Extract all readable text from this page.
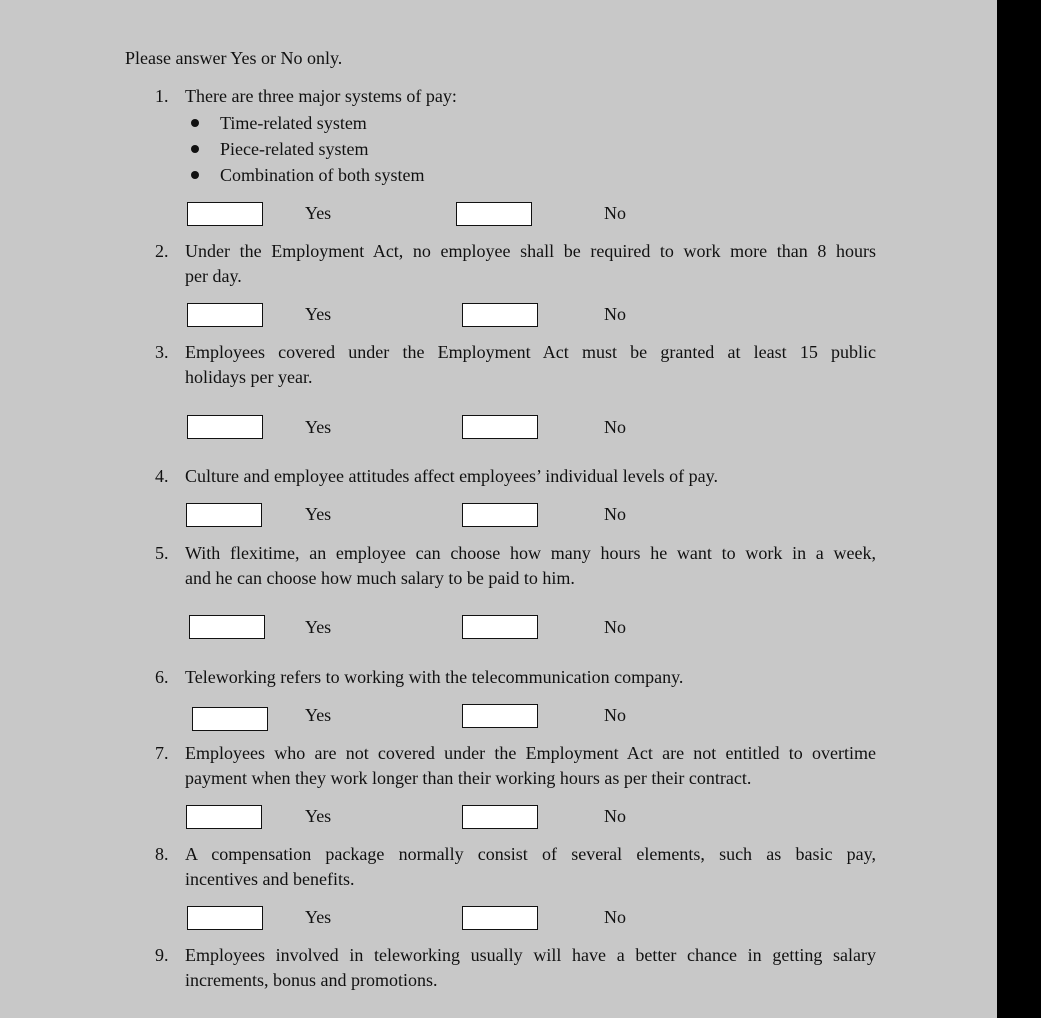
Please answer Yes or No only.
1. There are three major systems of pay:
Time-related system
Piece-related system
Combination of both system
Yes	No
2. Under the Employment Act, no employee shall be required to work more than 8 hours
per day.
Yes	No
3. Employees covered under the Employment Act must be granted at least 15 public
holidays per year.
Yes	No
4. Culture and employee attitudes affect employees’ individual levels of pay.
Yes	No
5. With flexitime, an employee can choose how many hours he want to work in a week,
and he can choose how much salary to be paid to him.
Yes	No
6. Teleworking refers to working with the telecommunication company.
Yes	No
7. Employees who are not covered under the Employment Act are not entitled to overtime
payment when they work longer than their working hours as per their contract.
Yes	No
8. A compensation package normally consist of several elements, such as basic pay,
incentives and benefits.
Yes	No
9. Employees involved in teleworking usually will have a better chance in getting salary
increments, bonus and promotions.
